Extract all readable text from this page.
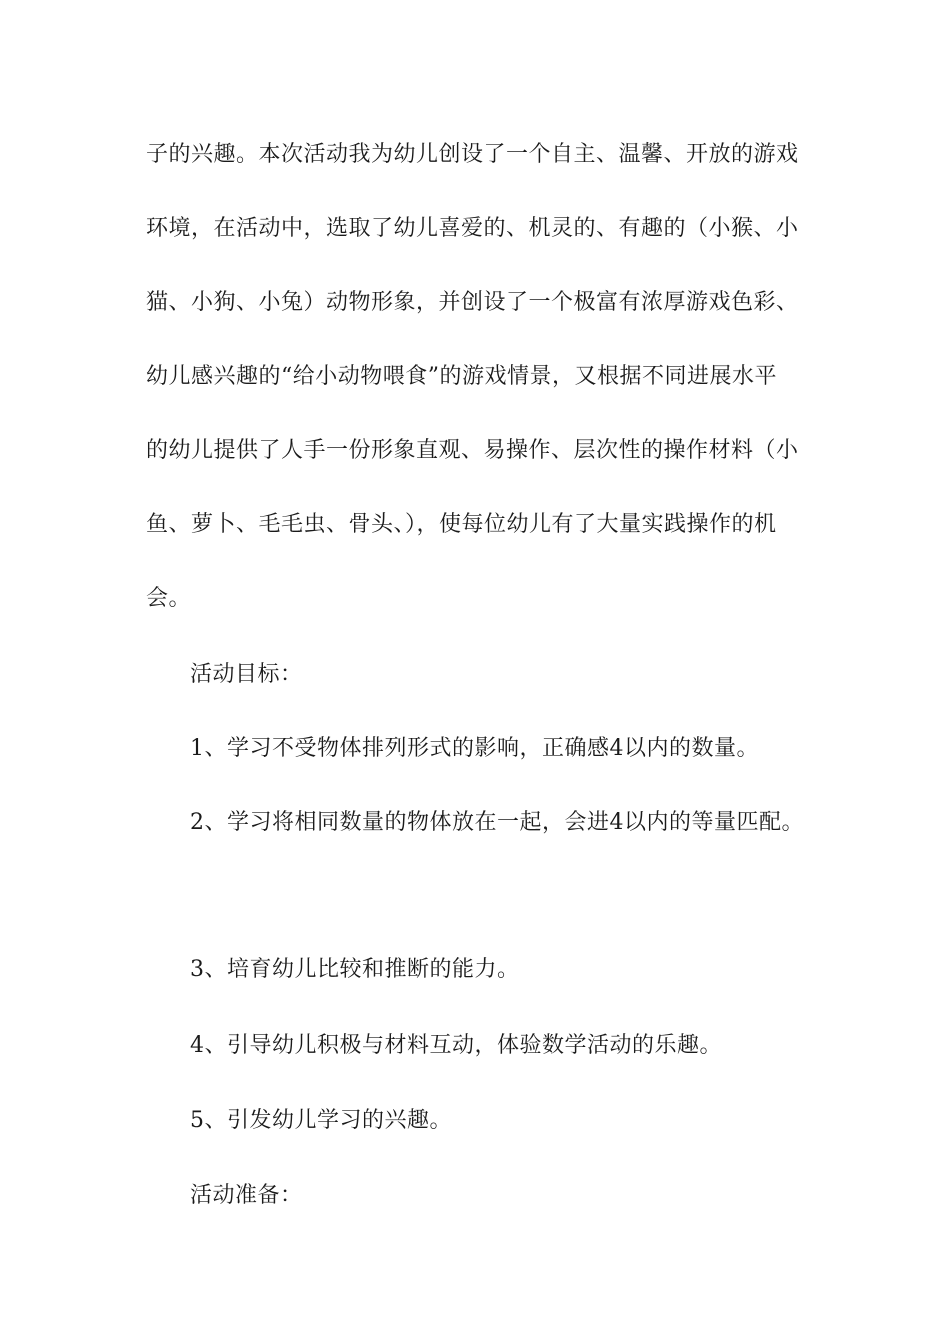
子的兴趣。本次活动我为幼儿创设了一个自主、温馨、开放的游戏
环境，在活动中，选取了幼儿喜爱的、机灵的、有趣的（小猴、小
猫、小狗、小兔）动物形象，并创设了一个极富有浓厚游戏色彩、
幼儿感兴趣的“给小动物喂食”的游戏情景，又根据不同进展水平
的幼儿提供了人手一份形象直观、易操作、层次性的操作材料（小
鱼、萝卜、毛毛虫、骨头、），使每位幼儿有了大量实践操作的机
会。
活动目标：
1、学习不受物体排列形式的影响，正确感4以内的数量。
2、学习将相同数量的物体放在一起，会进4以内的等量匹配。
3、培育幼儿比较和推断的能力。
4、引导幼儿积极与材料互动，体验数学活动的乐趣。
5、引发幼儿学习的兴趣。
活动准备：
